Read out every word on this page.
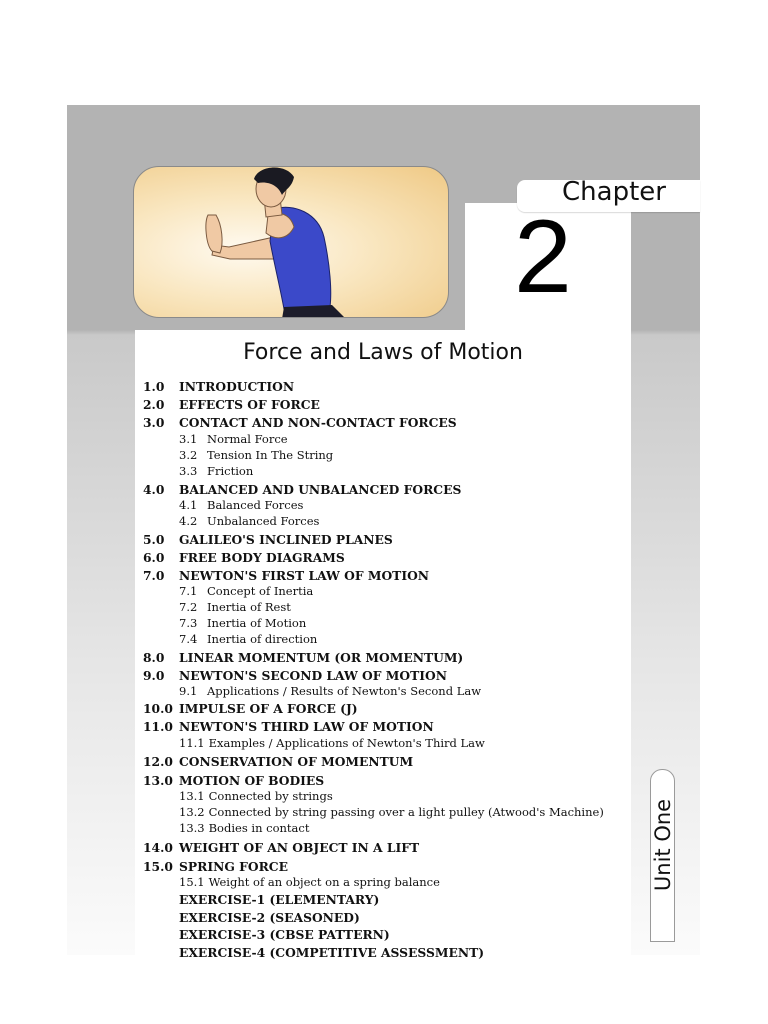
Chapter
2
Force and Laws of Motion
1.0 INTRODUCTION
2.0 EFFECTS OF FORCE
3.0 CONTACT AND NON-CONTACT FORCES
3.1 Normal Force
3.2 Tension In The String
3.3 Friction
4.0 BALANCED AND UNBALANCED FORCES
4.1 Balanced Forces
4.2 Unbalanced Forces
5.0 GALILEO'S INCLINED PLANES
6.0 FREE BODY DIAGRAMS
7.0 NEWTON'S FIRST LAW OF MOTION
7.1 Concept of Inertia
7.2 Inertia of Rest
7.3 Inertia of Motion
7.4 Inertia of direction
8.0 LINEAR MOMENTUM (OR MOMENTUM)
9.0 NEWTON'S SECOND LAW OF MOTION
9.1 Applications / Results of Newton's Second Law
10.0 IMPULSE OF A FORCE (J)
11.0 NEWTON'S THIRD LAW OF MOTION
11.1 Examples / Applications of Newton's Third Law
12.0 CONSERVATION OF MOMENTUM
13.0 MOTION OF BODIES
13.1 Connected by strings
13.2 Connected by string passing over a light pulley (Atwood's Machine)
13.3 Bodies in contact
14.0 WEIGHT OF AN OBJECT IN A LIFT
15.0 SPRING FORCE
15.1 Weight of an object on a spring balance
EXERCISE-1 (ELEMENTARY)
EXERCISE-2 (SEASONED)
EXERCISE-3 (CBSE PATTERN)
EXERCISE-4 (COMPETITIVE ASSESSMENT)
Unit One
